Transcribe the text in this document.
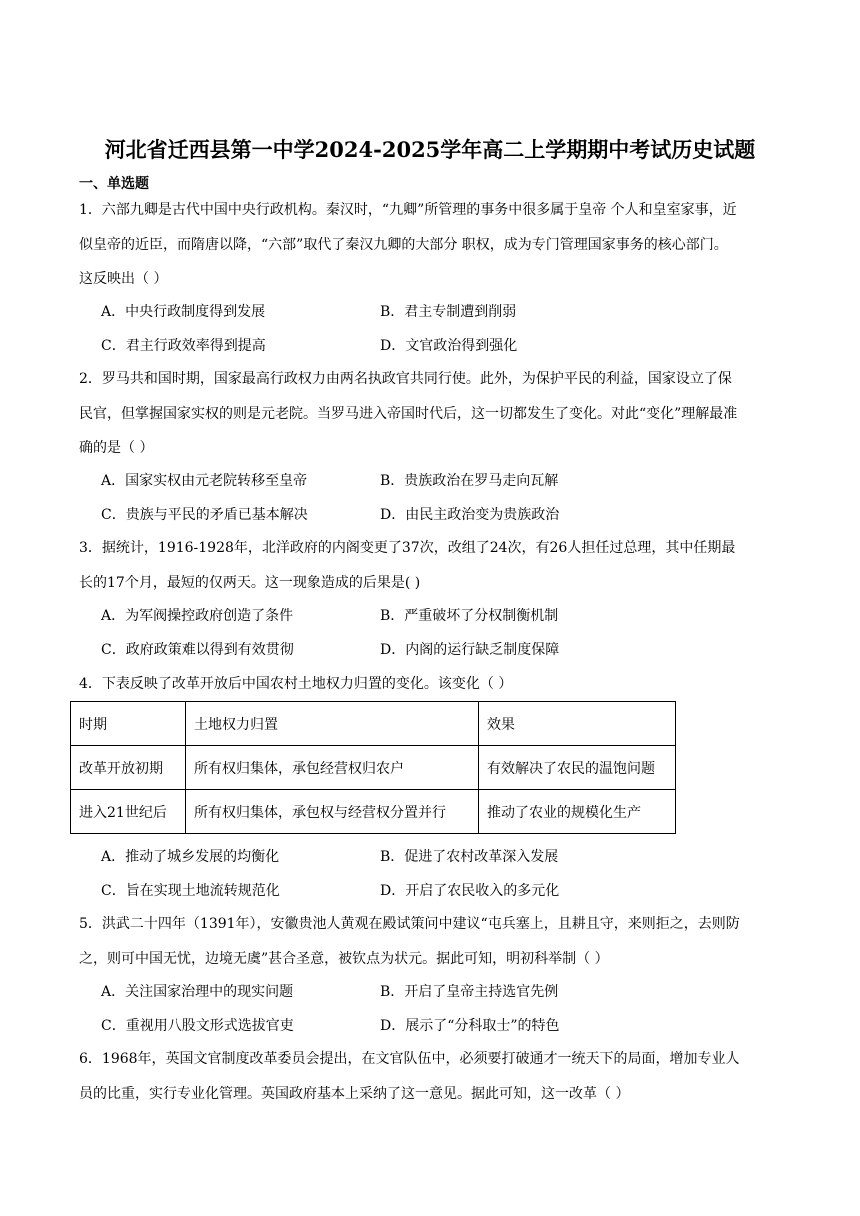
河北省迁西县第一中学2024-2025学年高二上学期期中考试历史试题
一、单选题
1．六部九卿是古代中国中央行政机构。秦汉时，“九卿”所管理的事务中很多属于皇帝 个人和皇室家事，近
似皇帝的近臣，而隋唐以降，“六部”取代了秦汉九卿的大部分 职权，成为专门管理国家事务的核心部门。
这反映出（ ）
A．中央行政制度得到发展	B．君主专制遭到削弱
C．君主行政效率得到提高	D．文官政治得到强化
2．罗马共和国时期，国家最高行政权力由两名执政官共同行使。此外，为保护平民的利益，国家设立了保
民官，但掌握国家实权的则是元老院。当罗马进入帝国时代后，这一切都发生了变化。对此“变化”理解最准
确的是（ ）
A．国家实权由元老院转移至皇帝	B．贵族政治在罗马走向瓦解
C．贵族与平民的矛盾已基本解决	D．由民主政治变为贵族政治
3．据统计，1916-1928年，北洋政府的内阁变更了37次，改组了24次，有26人担任过总理，其中任期最
长的17个月，最短的仅两天。这一现象造成的后果是( )
A．为军阀操控政府创造了条件	B．严重破坏了分权制衡机制
C．政府政策难以得到有效贯彻	D．内阁的运行缺乏制度保障
4．下表反映了改革开放后中国农村土地权力归置的变化。该变化（ ）
时期	土地权力归置	效果
改革开放初期	所有权归集体，承包经营权归农户	有效解决了农民的温饱问题
进入21世纪后	所有权归集体，承包权与经营权分置并行	推动了农业的规模化生产
A．推动了城乡发展的均衡化	B．促进了农村改革深入发展
C．旨在实现土地流转规范化	D．开启了农民收入的多元化
5．洪武二十四年（1391年），安徽贵池人黄观在殿试策问中建议“屯兵塞上，且耕且守，来则拒之，去则防
之，则可中国无忧，边境无虞”甚合圣意，被钦点为状元。据此可知，明初科举制（ ）
A．关注国家治理中的现实问题	B．开启了皇帝主持选官先例
C．重视用八股文形式选拔官吏	D．展示了“分科取士”的特色
6．1968年，英国文官制度改革委员会提出，在文官队伍中，必须要打破通才一统天下的局面，增加专业人
员的比重，实行专业化管理。英国政府基本上采纳了这一意见。据此可知，这一改革（ ）
